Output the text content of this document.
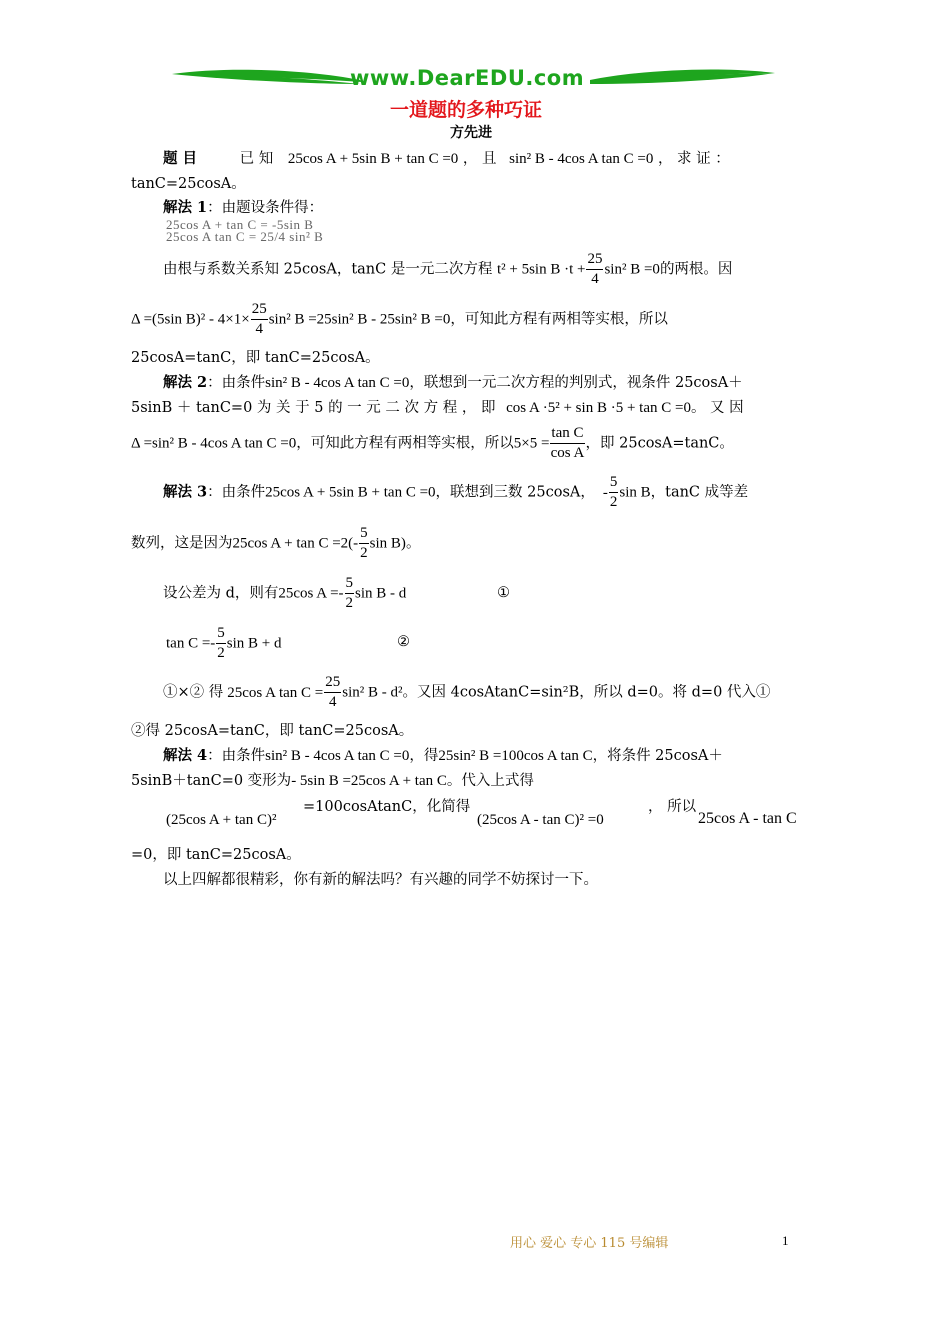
www.DearEDU.com
一道题的多种巧证
方先进
题 目	已 知 25cos A + 5sin B + tan C =0 ， 且 sin² B - 4cos A tan C =0 ， 求 证 ：
tanC=25cosA。
解法 1：由题设条件得：
25cos A + tan C = -5sin B
25cos A tan C = 25/4 sin² B
由根与系数关系知 25cosA，tanC 是一元二次方程 t² + 5sin $B \cdot t + \frac{25}{4} \sin^2$ B =0的两根。因
Δ =(5sin $B)^2 - 4\times 1\times \frac{25}{4} \sin^2$ B =25sin² B - 25sin² B =0，可知此方程有两相等实根，所以
25cosA=tanC，即 tanC=25cosA。
解法 2：由条件sin² B - 4cos A tan C =0，联想到一元二次方程的判别式，视条件 25cosA＋
5sinB ＋ tanC=0 为 关 于 5 的 一 元 二 次 方 程 ， 即 cos A ·5² + sin B ·5 + tan C =0。 又 因
Δ =sin² B - 4cos A tan C =0，可知此方程有两相等实根，所以$5\times 5 = \frac{\text{tan C}}{\text{cos A}}$ ，即 25cosA=tanC。
解法 3：由条件25cos A + 5sin B + tan C =0，联想到三数 25cosA， - $\frac{5}{2}$ sin B，tanC 成等差
数列，这是因为25cos $A + \tan C =2(- \frac{5}{2}$ sin B)。
设公差为 d，则有25cos $A =- \frac{5}{2}$ sin B - d	①
$\tan C =- \frac{5}{2}$ sin B + d	②
①×② 得 25cos A $\tan C = \frac{25}{4} \sin^2$ B - d²。又因 4cosAtanC=sin²B，所以 d=0。将 d=0 代入①
②得 25cosA=tanC，即 tanC=25cosA。
解法 4：由条件sin² B - 4cos A tan C =0，得25sin² B =100cos A tan C，将条件 25cosA＋
5sinB＋tanC=0 变形为- 5sin B =25cos A + tan C。代入上式得
(25cos A + tan C)²
=100cosAtanC，化简得
(25cos A - tan C)² =0
， 所以
25cos A - tan C
=0，即 tanC=25cosA。
以上四解都很精彩，你有新的解法吗？有兴趣的同学不妨探讨一下。
用心 爱心 专心 115 号编辑	1
